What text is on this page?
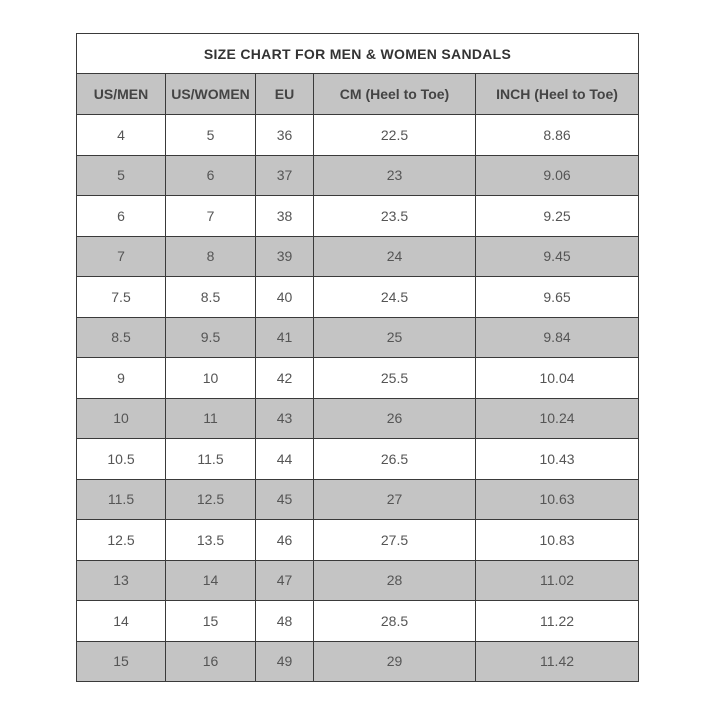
SIZE CHART FOR MEN & WOMEN SANDALS				
US/MEN	US/WOMEN	EU	CM (Heel to Toe)	INCH (Heel to Toe)
4	5	36	22.5	8.86
5	6	37	23	9.06
6	7	38	23.5	9.25
7	8	39	24	9.45
7.5	8.5	40	24.5	9.65
8.5	9.5	41	25	9.84
9	10	42	25.5	10.04
10	11	43	26	10.24
10.5	11.5	44	26.5	10.43
11.5	12.5	45	27	10.63
12.5	13.5	46	27.5	10.83
13	14	47	28	11.02
14	15	48	28.5	11.22
15	16	49	29	11.42
